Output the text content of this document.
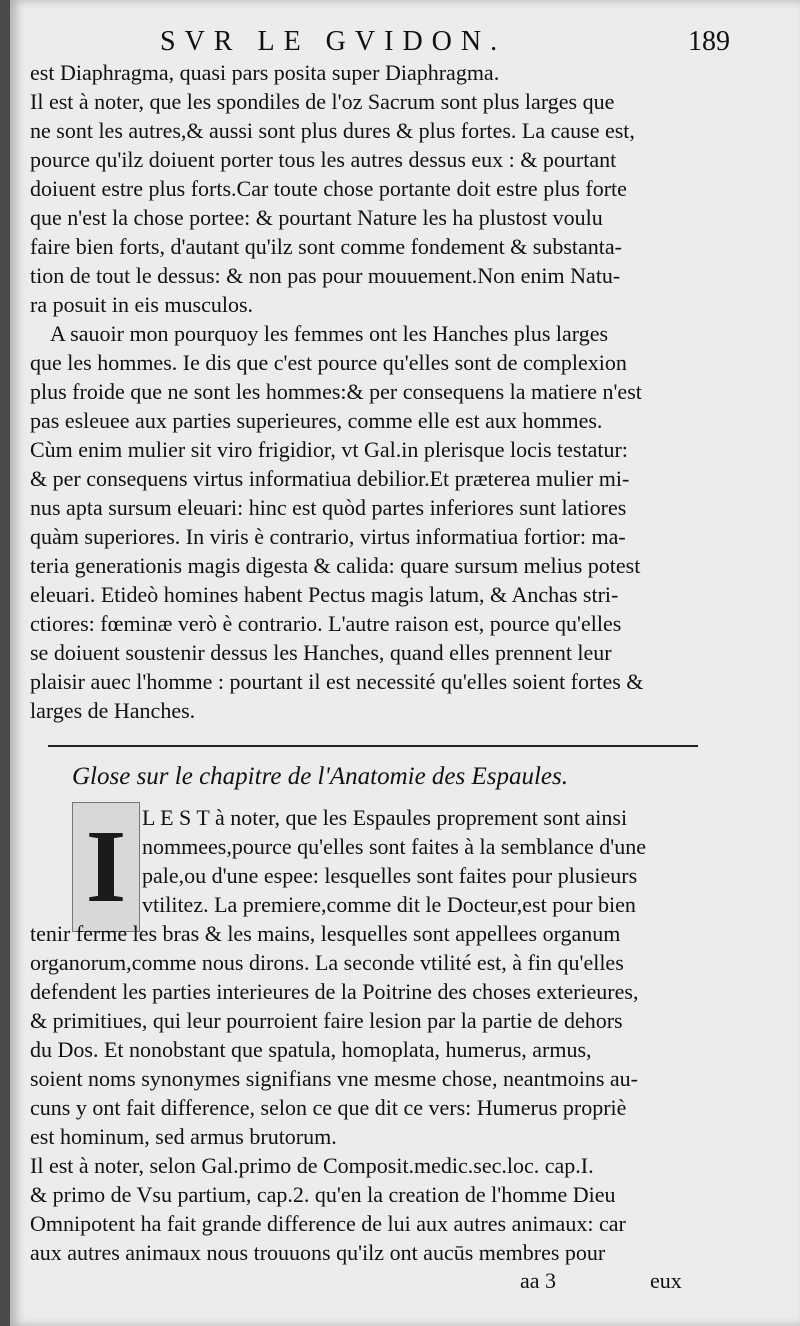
SVR LE GVIDON.	189
est Diaphragma, quasi pars posita super Diaphragma.
Il est à noter, que les spondiles de l'oz Sacrum sont plus larges que
ne sont les autres,& aussi sont plus dures & plus fortes. La cause est,
pource qu'ilz doiuent porter tous les autres dessus eux : & pourtant
doiuent estre plus forts.Car toute chose portante doit estre plus forte
que n'est la chose portee: & pourtant Nature les ha plustost voulu
faire bien forts, d'autant qu'ilz sont comme fondement & substanta-
tion de tout le dessus: & non pas pour mouuement.Non enim Natu-
ra posuit in eis musculos.
A sauoir mon pourquoy les femmes ont les Hanches plus larges
que les hommes. Ie dis que c'est pource qu'elles sont de complexion
plus froide que ne sont les hommes:& per consequens la matiere n'est
pas esleuee aux parties superieures, comme elle est aux hommes.
Cùm enim mulier sit viro frigidior, vt Gal.in plerisque locis testatur:
& per consequens virtus informatiua debilior.Et præterea mulier mi-
nus apta sursum eleuari: hinc est quòd partes inferiores sunt latiores
quàm superiores. In viris è contrario, virtus informatiua fortior: ma-
teria generationis magis digesta & calida: quare sursum melius potest
eleuari. Etideò homines habent Pectus magis latum, & Anchas stri-
ctiores: fœminæ verò è contrario. L'autre raison est, pource qu'elles
se doiuent soustenir dessus les Hanches, quand elles prennent leur
plaisir auec l'homme : pourtant il est necessité qu'elles soient fortes &
larges de Hanches.
Glose sur le chapitre de l'Anatomie des Espaules.
I L E S T à noter, que les Espaules proprement sont ainsi
nommees,pource qu'elles sont faites à la semblance d'une
pale,ou d'une espee: lesquelles sont faites pour plusieurs
vtilitez. La premiere,comme dit le Docteur,est pour bien
tenir ferme les bras & les mains, lesquelles sont appellees organum
organorum,comme nous dirons. La seconde vtilité est, à fin qu'elles
defendent les parties interieures de la Poitrine des choses exterieures,
& primitiues, qui leur pourroient faire lesion par la partie de dehors
du Dos. Et nonobstant que spatula, homoplata, humerus, armus,
soient noms synonymes signifians vne mesme chose, neantmoins au-
cuns y ont fait difference, selon ce que dit ce vers: Humerus propriè
est hominum, sed armus brutorum.
Il est à noter, selon Gal.primo de Composit.medic.sec.loc. cap.I.
& primo de Vsu partium, cap.2. qu'en la creation de l'homme Dieu
Omnipotent ha fait grande difference de lui aux autres animaux: car
aux autres animaux nous trouuons qu'ilz ont aucūs membres pour
aa 3	eux
